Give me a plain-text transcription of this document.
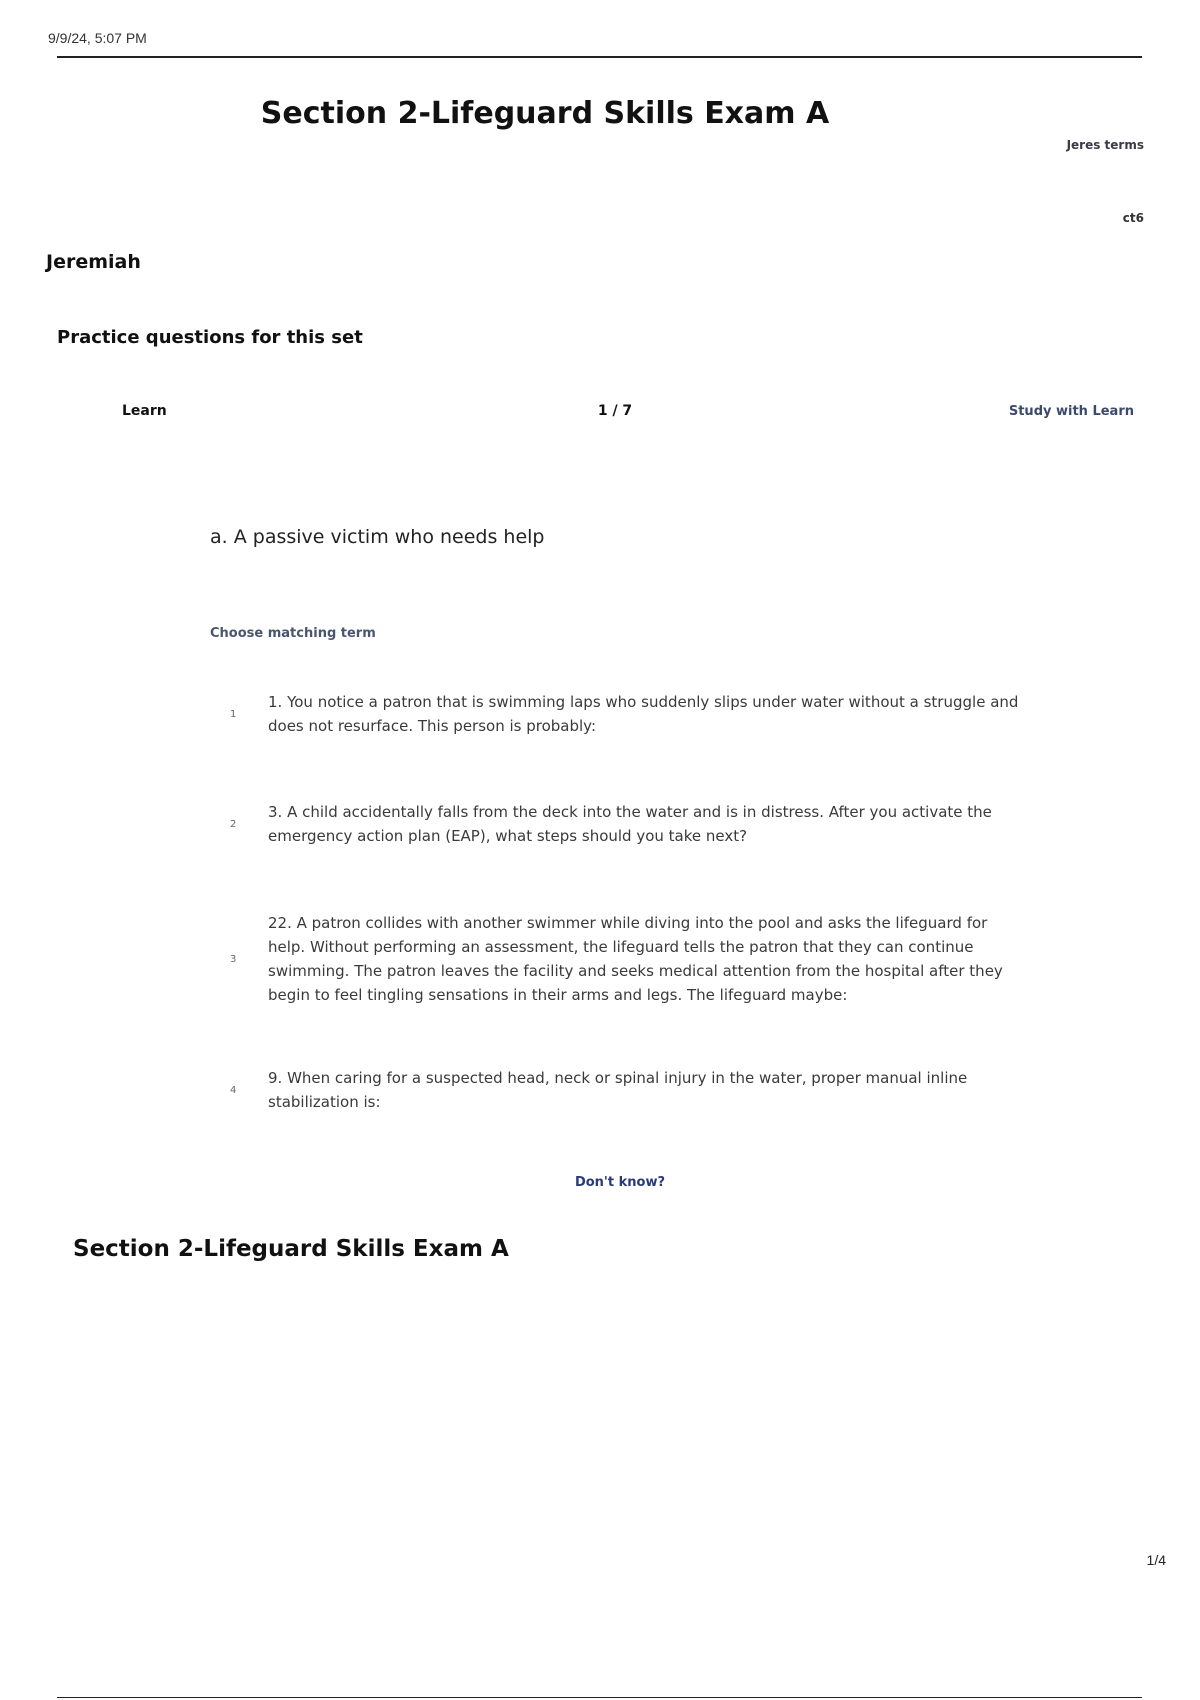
9/9/24, 5:07 PM
Section 2-Lifeguard Skills Exam A
Jeres terms
ct6
Jeremiah
Practice questions for this set
Learn	1 / 7	Study with Learn
a. A passive victim who needs help
Choose matching term
1
1. You notice a patron that is swimming laps who suddenly slips under water without a struggle and does not resurface. This person is probably:
2
3. A child accidentally falls from the deck into the water and is in distress. After you activate the emergency action plan (EAP), what steps should you take next?
3
22. A patron collides with another swimmer while diving into the pool and asks the lifeguard for help. Without performing an assessment, the lifeguard tells the patron that they can continue swimming. The patron leaves the facility and seeks medical attention from the hospital after they begin to feel tingling sensations in their arms and legs. The lifeguard maybe:
4
9. When caring for a suspected head, neck or spinal injury in the water, proper manual inline stabilization is:
Don't know?
Section 2-Lifeguard Skills Exam A
1/4
